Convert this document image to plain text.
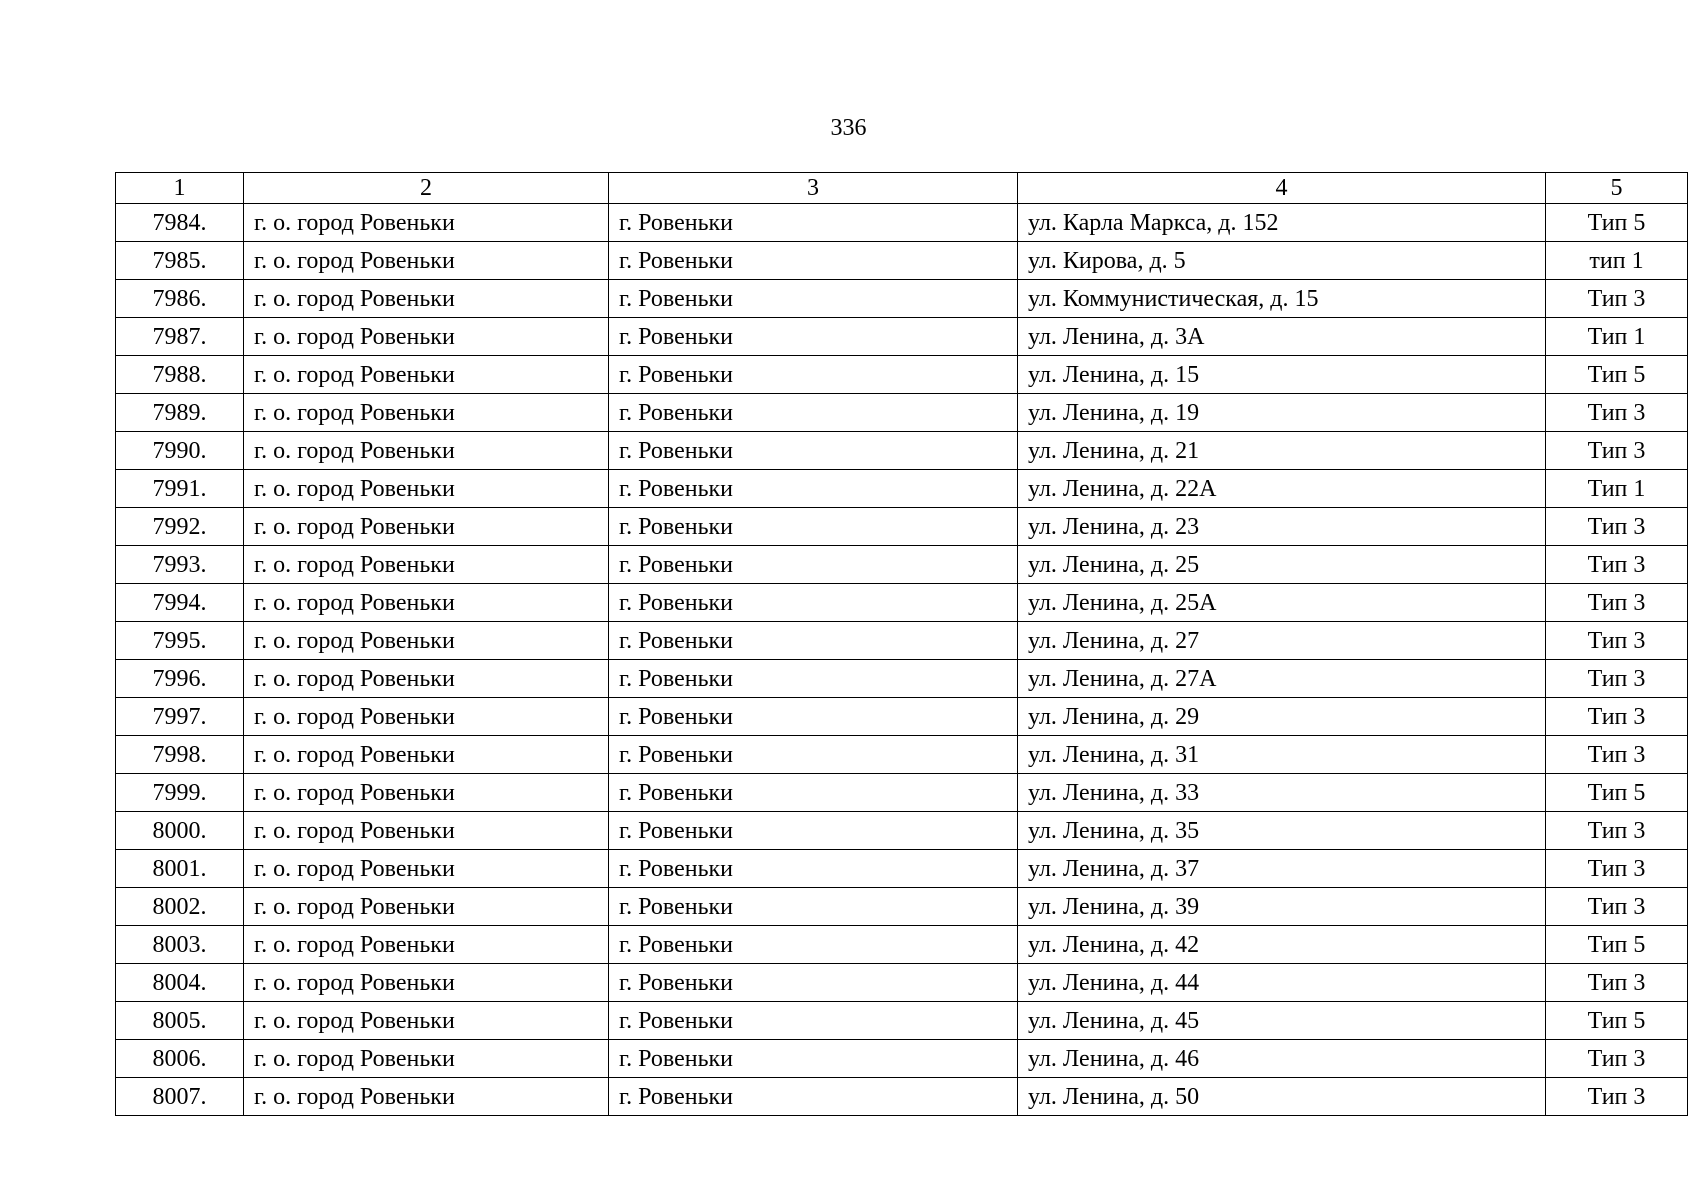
336
1	2	3	4	5
7984.	г. о. город Ровеньки	г. Ровеньки	ул. Карла Маркса, д. 152	Тип 5
7985.	г. о. город Ровеньки	г. Ровеньки	ул. Кирова, д. 5	тип 1
7986.	г. о. город Ровеньки	г. Ровеньки	ул. Коммунистическая, д. 15	Тип 3
7987.	г. о. город Ровеньки	г. Ровеньки	ул. Ленина, д. 3А	Тип 1
7988.	г. о. город Ровеньки	г. Ровеньки	ул. Ленина, д. 15	Тип 5
7989.	г. о. город Ровеньки	г. Ровеньки	ул. Ленина, д. 19	Тип 3
7990.	г. о. город Ровеньки	г. Ровеньки	ул. Ленина, д. 21	Тип 3
7991.	г. о. город Ровеньки	г. Ровеньки	ул. Ленина, д. 22А	Тип 1
7992.	г. о. город Ровеньки	г. Ровеньки	ул. Ленина, д. 23	Тип 3
7993.	г. о. город Ровеньки	г. Ровеньки	ул. Ленина, д. 25	Тип 3
7994.	г. о. город Ровеньки	г. Ровеньки	ул. Ленина, д. 25А	Тип 3
7995.	г. о. город Ровеньки	г. Ровеньки	ул. Ленина, д. 27	Тип 3
7996.	г. о. город Ровеньки	г. Ровеньки	ул. Ленина, д. 27А	Тип 3
7997.	г. о. город Ровеньки	г. Ровеньки	ул. Ленина, д. 29	Тип 3
7998.	г. о. город Ровеньки	г. Ровеньки	ул. Ленина, д. 31	Тип 3
7999.	г. о. город Ровеньки	г. Ровеньки	ул. Ленина, д. 33	Тип 5
8000.	г. о. город Ровеньки	г. Ровеньки	ул. Ленина, д. 35	Тип 3
8001.	г. о. город Ровеньки	г. Ровеньки	ул. Ленина, д. 37	Тип 3
8002.	г. о. город Ровеньки	г. Ровеньки	ул. Ленина, д. 39	Тип 3
8003.	г. о. город Ровеньки	г. Ровеньки	ул. Ленина, д. 42	Тип 5
8004.	г. о. город Ровеньки	г. Ровеньки	ул. Ленина, д. 44	Тип 3
8005.	г. о. город Ровеньки	г. Ровеньки	ул. Ленина, д. 45	Тип 5
8006.	г. о. город Ровеньки	г. Ровеньки	ул. Ленина, д. 46	Тип 3
8007.	г. о. город Ровеньки	г. Ровеньки	ул. Ленина, д. 50	Тип 3
